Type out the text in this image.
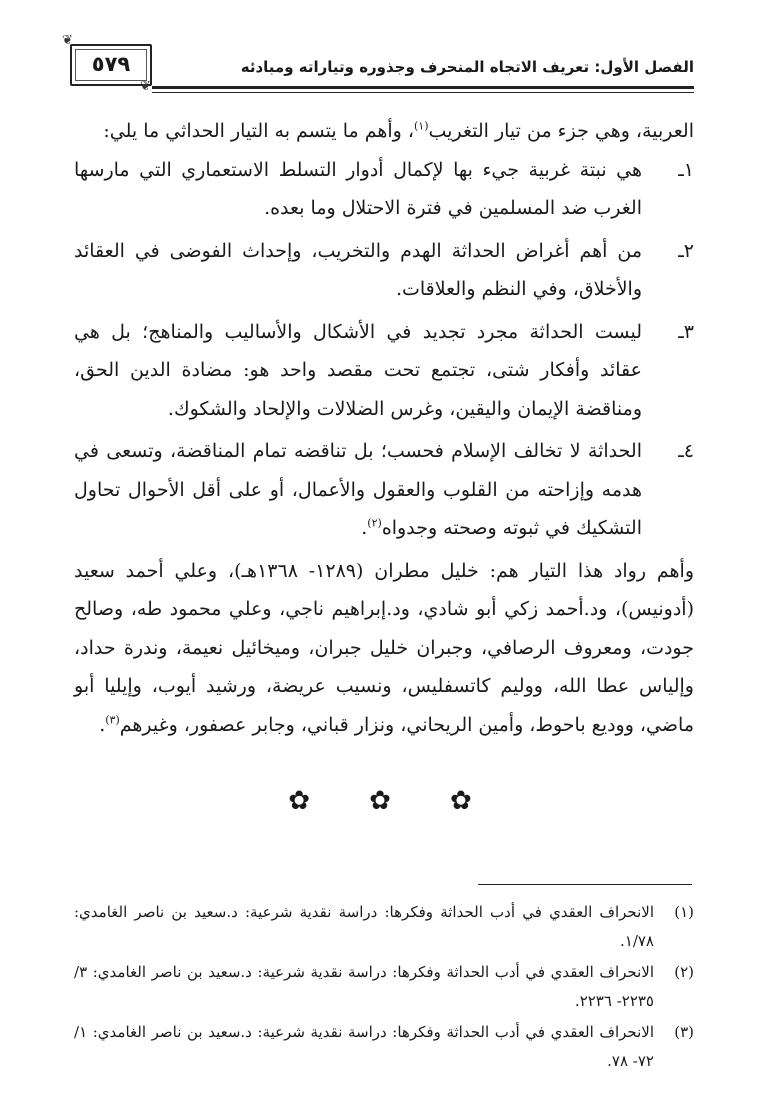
٥٧٩
❦
❦
الفصل الأول: تعريف الاتجاه المنحرف وجذوره وتياراته ومبادئه

العربية، وهي جزء من تيار التغريب$^{(١)}$، وأهم ما يتسم به التيار الحداثي ما يلي:

١ـ
هي نبتة غربية جيء بها لإكمال أدوار التسلط الاستعماري التي مارسها الغرب ضد المسلمين في فترة الاحتلال وما بعده.

٢ـ
من أهم أغراض الحداثة الهدم والتخريب، وإحداث الفوضى في العقائد والأخلاق، وفي النظم والعلاقات.

٣ـ
ليست الحداثة مجرد تجديد في الأشكال والأساليب والمناهج؛ بل هي عقائد وأفكار شتى، تجتمع تحت مقصد واحد هو: مضادة الدين الحق، ومناقضة الإيمان واليقين، وغرس الضلالات والإلحاد والشكوك.

٤ـ
الحداثة لا تخالف الإسلام فحسب؛ بل تناقضه تمام المناقضة، وتسعى في هدمه وإزاحته من القلوب والعقول والأعمال، أو على أقل الأحوال تحاول التشكيك في ثبوته وصحته وجدواه$^{(٢)}$.

وأهم رواد هذا التيار هم: خليل مطران (١٢٨٩- ١٣٦٨هـ)، وعلي أحمد سعيد (أدونيس)، ود.أحمد زكي أبو شادي، ود.إبراهيم ناجي، وعلي محمود طه، وصالح جودت، ومعروف الرصافي، وجبران خليل جبران، وميخائيل نعيمة، وندرة حداد، وإلياس عطا الله، ووليم كاتسفليس، ونسيب عريضة، ورشيد أيوب، وإيليا أبو ماضي، ووديع باحوط، وأمين الريحاني، ونزار قباني، وجابر عصفور، وغيرهم$^{(٣)}$.

✿ ✿ ✿

(١)
الانحراف العقدي في أدب الحداثة وفكرها: دراسة نقدية شرعية: د.سعيد بن ناصر الغامدي: ١/٧٨.

(٢)
الانحراف العقدي في أدب الحداثة وفكرها: دراسة نقدية شرعية: د.سعيد بن ناصر الغامدي: ٣/ ٢٢٣٥- ٢٢٣٦.

(٣)
الانحراف العقدي في أدب الحداثة وفكرها: دراسة نقدية شرعية: د.سعيد بن ناصر الغامدي: ١/ ٧٢- ٧٨.
